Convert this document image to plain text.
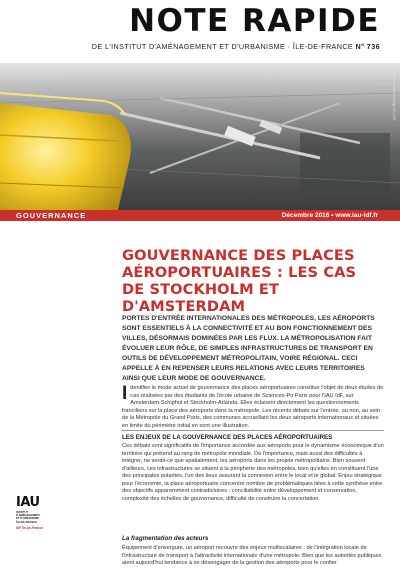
NOTE RAPIDE
DE L'INSTITUT D'AMÉNAGEMENT ET D'URBANISME · ÎLE-DE-FRANCE N° 736
Frédéric de Henning IAU îdF
GOUVERNANCE	Décembre 2016 • www.iau-idf.fr
GOUVERNANCE DES PLACES
AÉROPORTUAIRES : LES CAS
DE STOCKHOLM ET D'AMSTERDAM
PORTES D'ENTRÉE INTERNATIONALES DES MÉTROPOLES, LES AÉROPORTS SONT ESSENTIELS À LA CONNECTIVITÉ ET AU BON FONCTIONNEMENT DES VILLES, DÉSORMAIS DOMINÉES PAR LES FLUX. LA MÉTROPOLISATION FAIT ÉVOLUER LEUR RÔLE, DE SIMPLES INFRASTRUCTURES DE TRANSPORT EN OUTILS DE DÉVELOPPEMENT MÉTROPOLITAIN, VOIRE RÉGIONAL. CECI APPELLE À EN REPENSER LEURS RELATIONS AVEC LEURS TERRITOIRES AINSI QUE LEUR MODE DE GOUVERNANCE.
Identifier le mode actuel de gouvernance des places aéroportuaires constitue l'objet de deux études de cas réalisées par des étudiants de l'école urbaine de Sciences-Po Paris pour l'IAU îdF, sur Amsterdam-Schiphol et Stockholm-Arlanda. Elles éclairent directement les questionnements franciliens sur la place des aéroports dans la métropole. Les récents débats sur l'entrée, ou non, au sein de la Métropole du Grand Paris, des communes accueillant les deux aéroports internationaux et situées en limite du périmètre initial en sont une illustration.
LES ENJEUX DE LA GOUVERNANCE DES PLACES AÉROPORTUAIRES
Ces débats sont significatifs de l'importance accordée aux aéroports pour le dynamisme économique d'un territoire qui prétend au rang de métropole mondiale. De l'importance, mais aussi des difficultés à intégrer, ne serait-ce que spatialement, les aéroports dans les projets métropolitains. Bien souvent d'ailleurs, ces infrastructures se situent à la périphérie des métropoles, bien qu'elles en constituent l'une des principales polarités, l'un des lieux assurant la connexion entre le local et le global. Enjeu stratégique pour l'économie, la place aéroportuaire concentre nombre de problématiques liées à cette synthèse entre des objectifs apparemment contradictoires : conciliabilité entre développement et conservation, complexité des échelles de gouvernance, difficulté de construire la concertation.
La fragmentation des acteurs
Équipement d'envergure, un aéroport recouvre des enjeux multiscalaires : de l'intégration locale de l'infrastructure de transport à l'attractivité internationale d'une métropole. Bien que les autorités publiques aient aujourd'hui tendance à se désengager de la gestion des aéroports pour le confier
IAU
INSTITUT
D'AMÉNAGEMENT
ET D'URBANISME
ÎLE-DE-FRANCE
îdF Île-de-France
